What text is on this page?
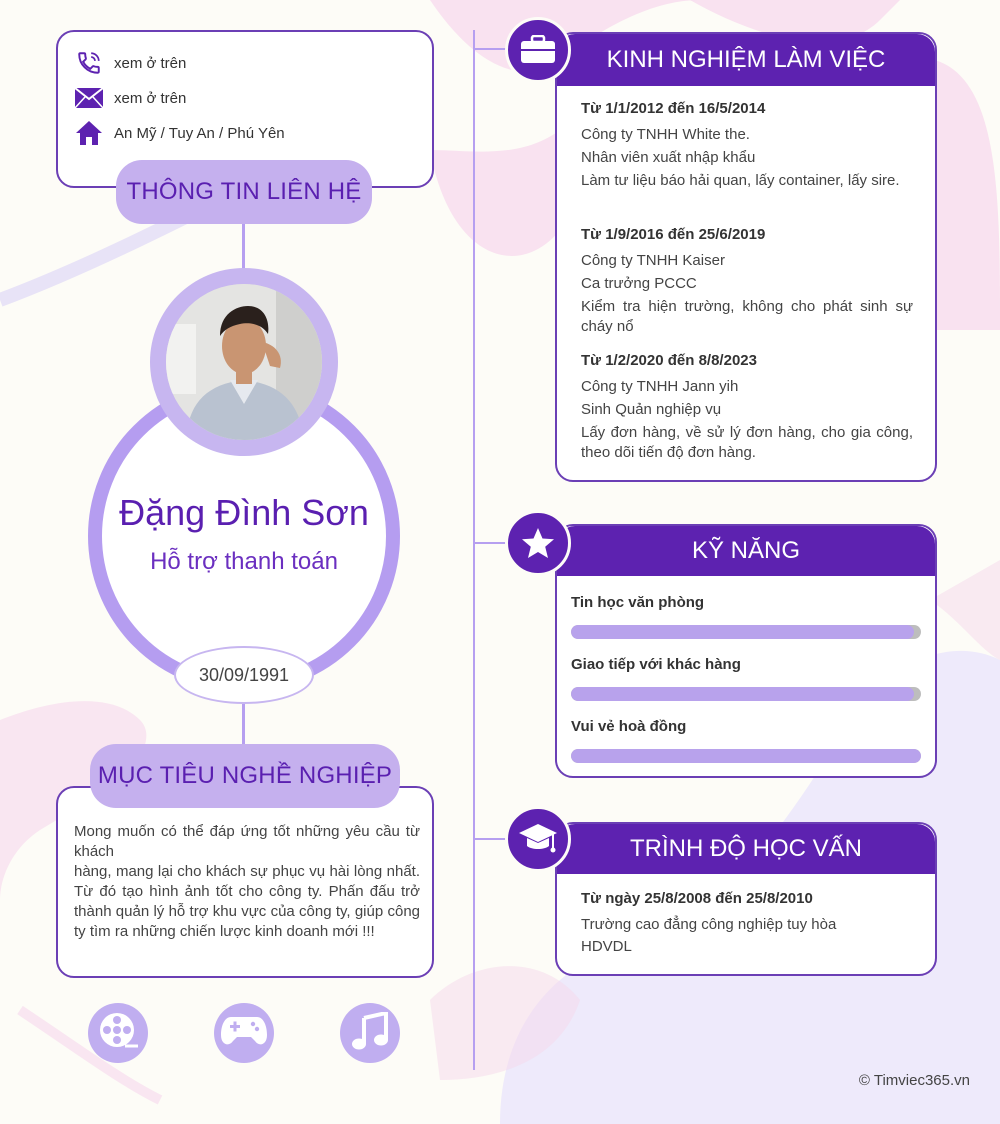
xem ở trên
xem ở trên
An Mỹ / Tuy An / Phú Yên
THÔNG TIN LIÊN HỆ
Đặng Đình Sơn
Hỗ trợ thanh toán
30/09/1991
Mong muốn có thể đáp ứng tốt những yêu cầu từ khách
hàng, mang lại cho khách sự phục vụ hài lòng nhất. Từ đó tạo hình ảnh tốt cho công ty. Phấn đấu trở thành quản lý hỗ trợ khu vực của công ty, giúp công ty tìm ra những chiến lược kinh doanh mới !!!
MỤC TIÊU NGHỀ NGHIỆP
KINH NGHIỆM LÀM VIỆC
Từ 1/1/2012 đến 16/5/2014
Công ty TNHH White the.
Nhân viên xuất nhập khẩu
Làm tư liệu báo hải quan, lấy container, lấy sire.
Từ 1/9/2016 đến 25/6/2019
Công ty TNHH Kaiser
Ca trưởng PCCC
Kiểm tra hiện trường, không cho phát sinh sự cháy nổ
Từ 1/2/2020 đến 8/8/2023
Công ty TNHH Jann yih
Sinh Quản nghiệp vụ
Lấy đơn hàng, về sử lý đơn hàng, cho gia công, theo dõi tiến độ đơn hàng.
KỸ NĂNG
Tin học văn phòng
Giao tiếp với khác hàng
Vui vẻ hoà đồng
TRÌNH ĐỘ HỌC VẤN
Từ ngày 25/8/2008 đến 25/8/2010
Trường cao đẳng công nghiệp tuy hòa
HDVDL
© Timviec365.vn
